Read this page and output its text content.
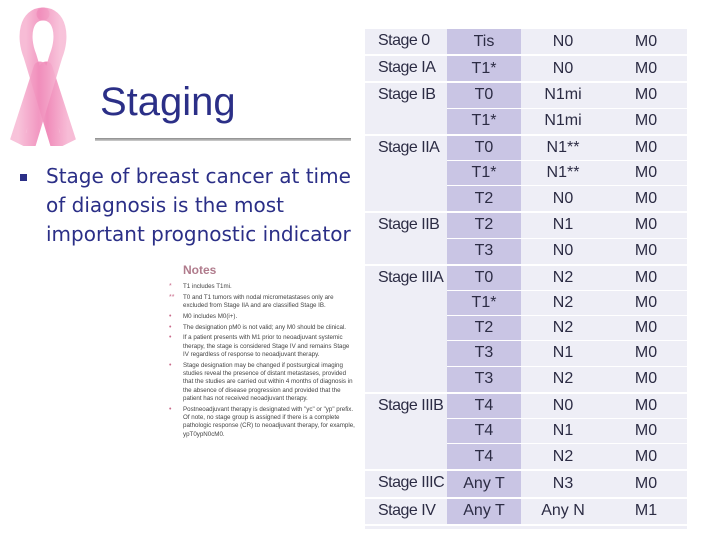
Staging

Stage of breast cancer at time of diagnosis is the most important prognostic indicator

Notes
* T1 includes T1mi.
** T0 and T1 tumors with nodal micrometastases only are excluded from Stage IIA and are classified Stage IB.
• M0 includes M0(i+).
• The designation pM0 is not valid; any M0 should be clinical.
• If a patient presents with M1 prior to neoadjuvant systemic therapy, the stage is considered Stage IV and remains Stage IV regardless of response to neoadjuvant therapy.
• Stage designation may be changed if postsurgical imaging studies reveal the presence of distant metastases, provided that the studies are carried out within 4 months of diagnosis in the absence of disease progression and provided that the patient has not received neoadjuvant therapy.
• Postneoadjuvant therapy is designated with "yc" or "yp" prefix. Of note, no stage group is assigned if there is a complete pathologic response (CR) to neoadjuvant therapy, for example, ypT0ypN0cM0.
Stage 0	Tis	N0	M0
Stage IA	T1*	N0	M0
Stage IB	T0	N1mi	M0
T1*	N1mi	M0
Stage IIA	T0	N1**	M0
T1*	N1**	M0
T2	N0	M0
Stage IIB	T2	N1	M0
T3	N0	M0
Stage IIIA	T0	N2	M0
T1*	N2	M0
T2	N2	M0
T3	N1	M0
T3	N2	M0
Stage IIIB	T4	N0	M0
T4	N1	M0
T4	N2	M0
Stage IIIC	Any T	N3	M0
Stage IV	Any T	Any N	M1
